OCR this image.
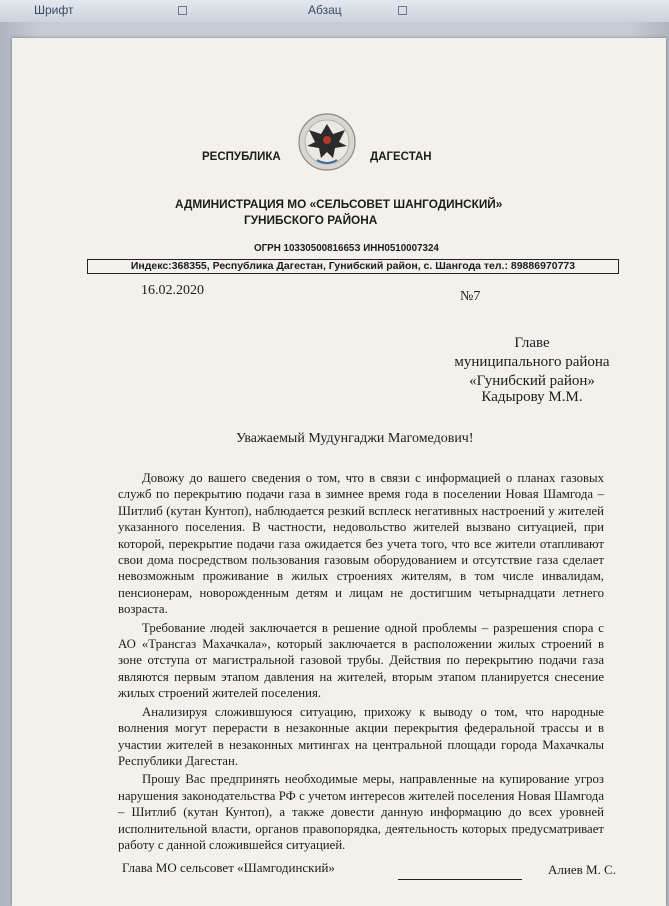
Шрифт	Абзац
РЕСПУБЛИКА	ДАГЕСТАН
АДМИНИСТРАЦИЯ МО «СЕЛЬСОВЕТ ШАНГОДИНСКИЙ»
ГУНИБСКОГО РАЙОНА
ОГРН 1033050081665З ИНН0510007324
Индекс:368355, Республика Дагестан, Гунибский район, с. Шангода тел.: 89886970773
16.02.2020	№7
Главе
муниципального района
«Гунибский район»
Кадырову М.М.
Уважаемый Мудунгаджи Магомедович!

Довожу до вашего сведения о том, что в связи с информацией о планах газовых служб по перекрытию подачи газа в зимнее время года в поселении Новая Шамгода – Шитлиб (кутан Кунтоп), наблюдается резкий всплеск негативных настроений у жителей указанного поселения. В частности, недовольство жителей вызвано ситуацией, при которой, перекрытие подачи газа ожидается без учета того, что все жители отапливают свои дома посредством пользования газовым оборудованием и отсутствие газа сделает невозможным проживание в жилых строениях жителям, в том числе инвалидам, пенсионерам, новорожденным детям и лицам не достигшим четырнадцати летнего возраста.

Требование людей заключается в решение одной проблемы – разрешения спора с АО «Трансгаз Махачкала», который заключается в расположении жилых строений в зоне отступа от магистральной газовой трубы. Действия по перекрытию подачи газа являются первым этапом давления на жителей, вторым этапом планируется снесение жилых строений жителей поселения.

Анализируя сложившуюся ситуацию, прихожу к выводу о том, что народные волнения могут перерасти в незаконные акции перекрытия федеральной трассы и в участии жителей в незаконных митингах на центральной площади города Махачкалы Республики Дагестан.

Прошу Вас предпринять необходимые меры, направленные на купирование угроз нарушения законодательства РФ с учетом интересов жителей поселения Новая Шамгода – Шитлиб (кутан Кунтоп), а также довести данную информацию до всех уровней исполнительной власти, органов правопорядка, деятельность которых предусматривает работу с данной сложившейся ситуацией.

Глава МО сельсовет «Шамгодинский»	Алиев М. С.
